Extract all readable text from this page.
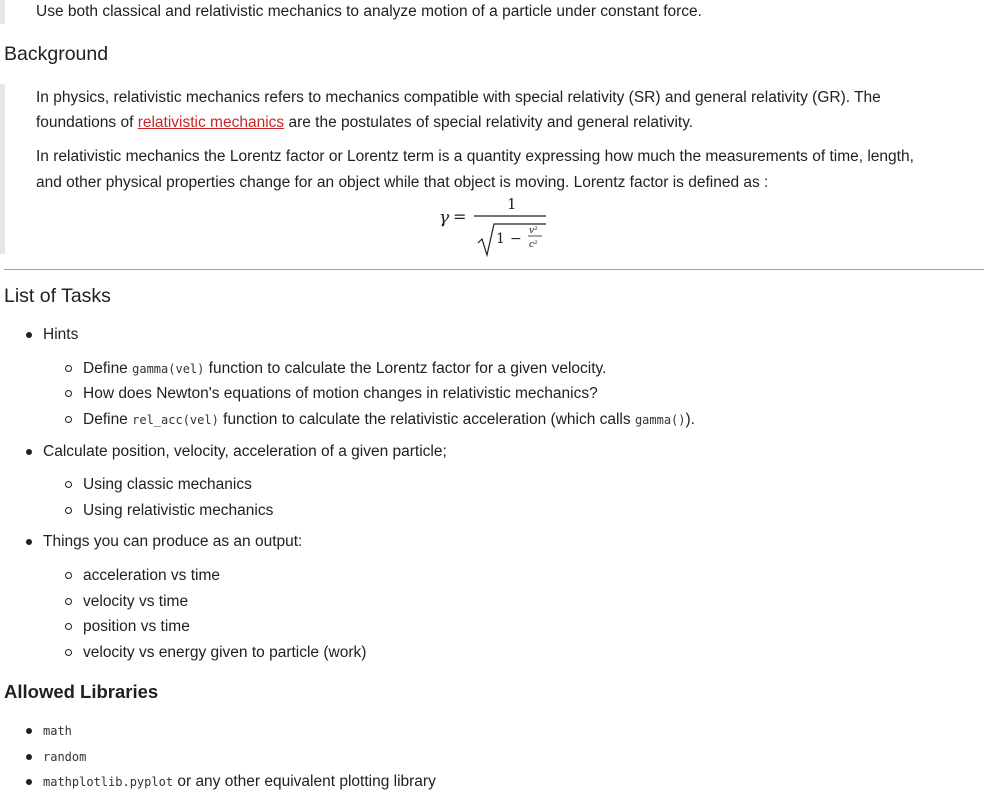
Use both classical and relativistic mechanics to analyze motion of a particle under constant force.
Background
In physics, relativistic mechanics refers to mechanics compatible with special relativity (SR) and general relativity (GR). The
foundations of relativistic mechanics are the postulates of special relativity and general relativity.
In relativistic mechanics the Lorentz factor or Lorentz term is a quantity expressing how much the measurements of time, length,
and other physical properties change for an object while that object is moving. Lorentz factor is defined as :
γ =
1
1 − v²
c²
List of Tasks
Hints
Define gamma(vel) function to calculate the Lorentz factor for a given velocity.
How does Newton's equations of motion changes in relativistic mechanics?
Define rel_acc(vel) function to calculate the relativistic acceleration (which calls gamma()).
Calculate position, velocity, acceleration of a given particle;
Using classic mechanics
Using relativistic mechanics
Things you can produce as an output:
acceleration vs time
velocity vs time
position vs time
velocity vs energy given to particle (work)
Allowed Libraries
math
random
mathplotlib.pyplot or any other equivalent plotting library
